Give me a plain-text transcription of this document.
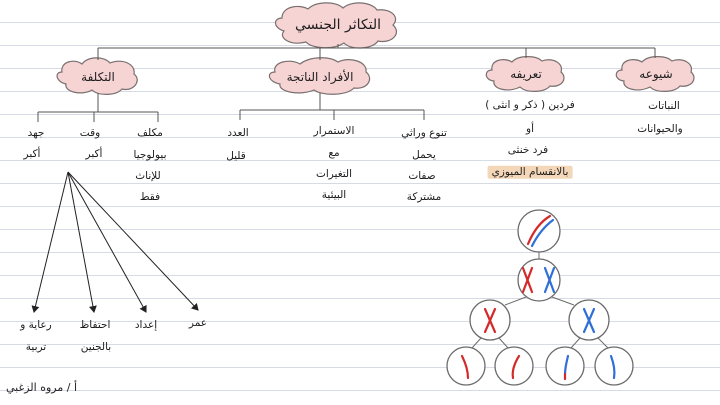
التكاثر الجنسي
التكلفة	الأفراد الناتجة	تعريفه	شيوعه
جهد
أكبر
وقت
أكبر
مكلف
بيولوجيا
للإناث
فقط
رعاية و
تربية
احتفاظ
بالجنين
إعداد	عمر
العدد
قليل
الاستمرار
مع
التغيرات
البيئية
تنوع وراثي
يحمل
صفات
مشتركة
فردين ( ذكر و انثى )
أو
فرد خنثى
بالانقسام الميوزي
النباتات
والحيوانات
أ / مروه الزغبي
